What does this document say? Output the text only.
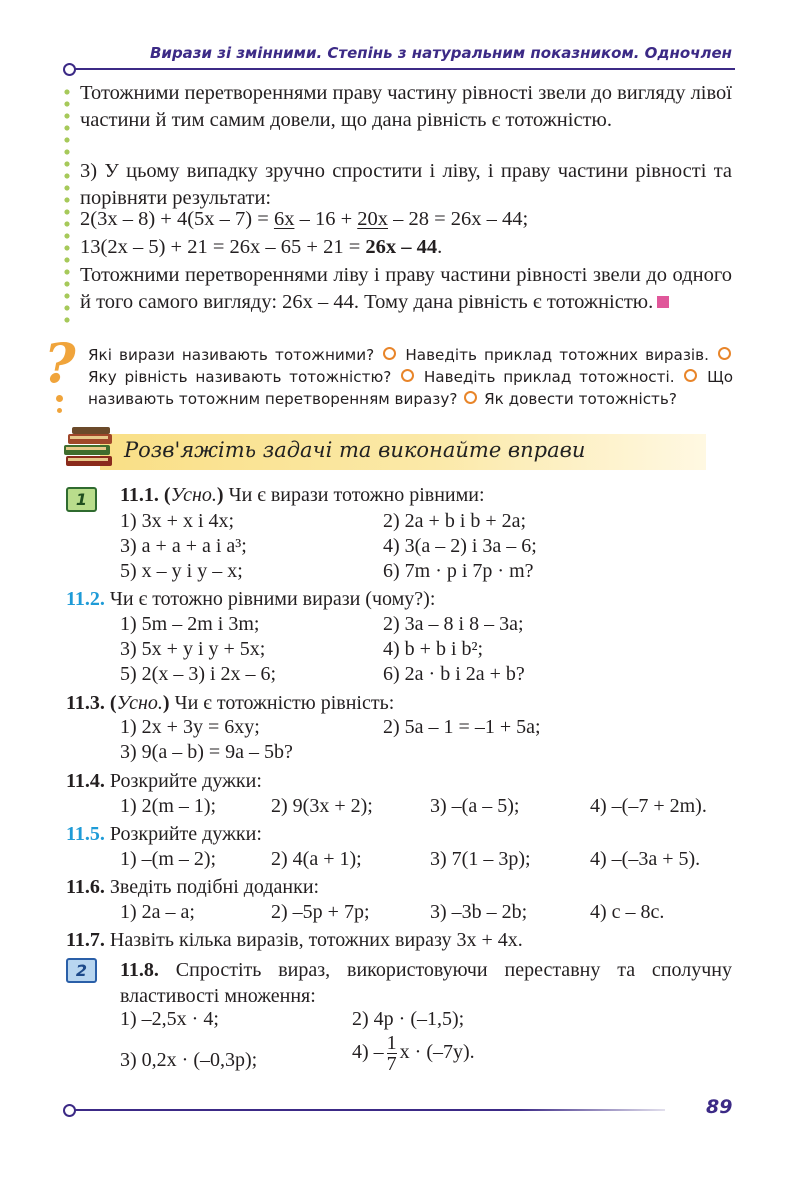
Вирази зі змінними. Степінь з натуральним показником. Одночлен
Тотожними перетвореннями праву частину рівності звели до вигляду лівої частини й тим самим довели, що дана рівність є тотожністю.
3) У цьому випадку зручно спростити і ліву, і праву частини рівності та порівняти результати:
2(3x – 8) + 4(5x – 7) = 6x – 16 + 20x – 28 = 26x – 44;
13(2x – 5) + 21 = 26x – 65 + 21 = 26x – 44.
Тотожними перетвореннями ліву і праву частини рівності звели до одного й того самого вигляду: 26x – 44. Тому дана рівність є тотожністю.
? Які вирази називають тотожними? Наведіть приклад тотожних виразів.  Яку рівність називають тотожністю? Наведіть приклад тотожності. Що називають тотожним перетворенням виразу? Як довести тотожність?
Розв'яжіть задачі та виконайте вправи
1
2
11.1. (Усно.) Чи є вирази тотожно рівними:
1) 3x + x і 4x;	2) 2a + b і b + 2a;
3) a + a + a і a³;	4) 3(a – 2) і 3a – 6;
5) x – y і y – x;	6) 7m · p і 7p · m?
11.2. Чи є тотожно рівними вирази (чому?):
1) 5m – 2m і 3m;	2) 3a – 8 і 8 – 3a;
3) 5x + y і y + 5x;	4) b + b і b²;
5) 2(x – 3) і 2x – 6;	6) 2a · b і 2a + b?
11.3. (Усно.) Чи є тотожністю рівність:
1) 2x + 3y = 6xy;	2) 5a – 1 = –1 + 5a;
3) 9(a – b) = 9a – 5b?
11.4. Розкрийте дужки:
1) 2(m – 1);	2) 9(3x + 2);	3) –(a – 5);	4) –(–7 + 2m).
11.5. Розкрийте дужки:
1) –(m – 2);	2) 4(a + 1);	3) 7(1 – 3p);	4) –(–3a + 5).
11.6. Зведіть подібні доданки:
1) 2a – a;	2) –5p + 7p;	3) –3b – 2b;	4) c – 8c.
11.7. Назвіть кілька виразів, тотожних виразу 3x + 4x.
11.8. Спростіть вираз, використовуючи переставну та сполучну властивості множення:
1) –2,5x · 4;	2) 4p · (–1,5);
3) 0,2x · (–0,3p);	$4) - \frac{1}{7}$ x · (–7y).
89
